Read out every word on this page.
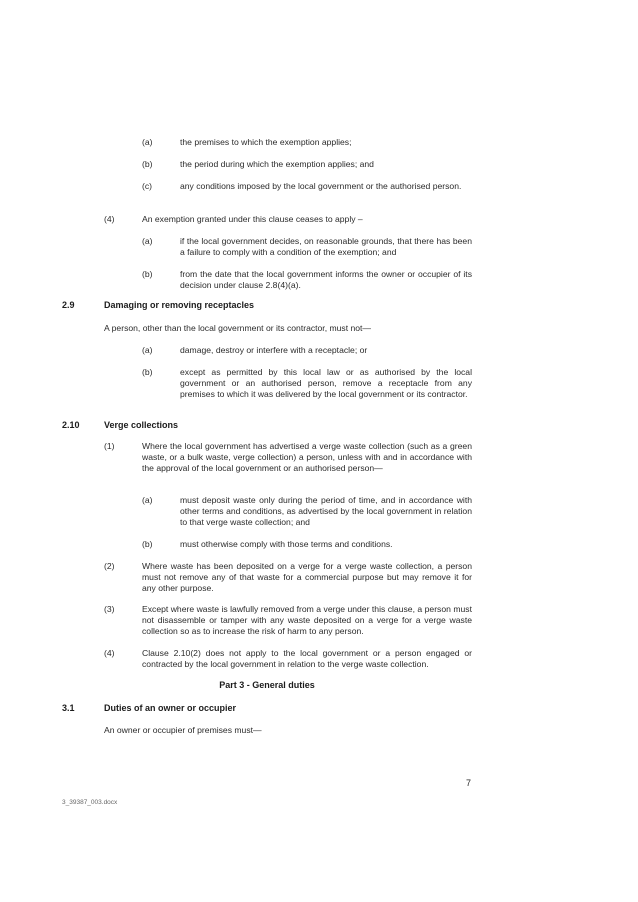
(a)	the premises to which the exemption applies;
(b)	the period during which the exemption applies; and
(c)	any conditions imposed by the local government or the authorised person.
(4)	An exemption granted under this clause ceases to apply –
(a)	if the local government decides, on reasonable grounds, that there has been a failure to comply with a condition of the exemption; and
(b)	from the date that the local government informs the owner or occupier of its decision under clause 2.8(4)(a).
2.9	Damaging or removing receptacles
A person, other than the local government or its contractor, must not—
(a)	damage, destroy or interfere with a receptacle; or
(b)	except as permitted by this local law or as authorised by the local government or an authorised person, remove a receptacle from any premises to which it was delivered by the local government or its contractor.
2.10	Verge collections
(1)	Where the local government has advertised a verge waste collection (such as a green waste, or a bulk waste, verge collection) a person, unless with and in accordance with the approval of the local government or an authorised person—
(a)	must deposit waste only during the period of time, and in accordance with other terms and conditions, as advertised by the local government in relation to that verge waste collection; and
(b)	must otherwise comply with those terms and conditions.
(2)	Where waste has been deposited on a verge for a verge waste collection, a person must not remove any of that waste for a commercial purpose but may remove it for any other purpose.
(3)	Except where waste is lawfully removed from a verge under this clause, a person must not disassemble or tamper with any waste deposited on a verge for a verge waste collection so as to increase the risk of harm to any person.
(4)	Clause 2.10(2) does not apply to the local government or a person engaged or contracted by the local government in relation to the verge waste collection.
Part 3 - General duties
3.1	Duties of an owner or occupier
An owner or occupier of premises must—
7
3_39387_003.docx
